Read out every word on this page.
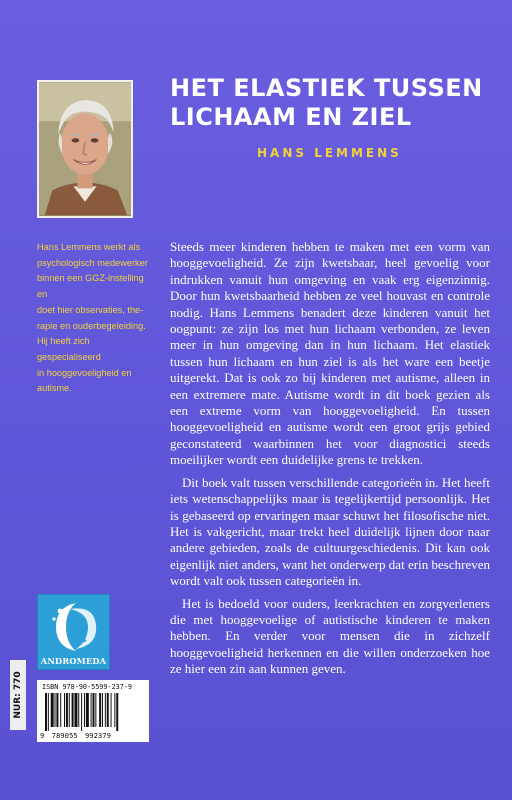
HET ELASTIEK TUSSEN
LICHAAM EN ZIEL
HANS LEMMENS

Hans Lemmens werkt als

psychologisch medewerker

binnen een GGZ-instelling en

doet hier observaties, the-

rapie en ouderbegeleiding.

Hij heeft zich gespecialiseerd

in hooggevoeligheid en

autisme.

Steeds meer kinderen hebben te maken met een vorm van hooggevoeligheid. Ze zijn kwetsbaar, heel gevoelig voor indrukken vanuit hun omgeving en vaak erg eigenzinnig. Door hun kwetsbaarheid hebben ze veel houvast en controle nodig. Hans Lemmens benadert deze kinderen vanuit het oogpunt: ze zijn los met hun lichaam verbonden, ze leven meer in hun omgeving dan in hun lichaam. Het elastiek tussen hun lichaam en hun ziel is als het ware een beetje uitgerekt. Dat is ook zo bij kinderen met autisme, alleen in een extremere mate. Autisme wordt in dit boek gezien als een extreme vorm van hooggevoeligheid. En tussen hooggevoeligheid en autisme wordt een groot grijs gebied geconstateerd waarbinnen het voor diagnostici steeds moeilijker wordt een duidelijke grens te trekken.

Dit boek valt tussen verschillende categorieën in. Het heeft iets wetenschappelijks maar is tegelijkertijd persoonlijk. Het is gebaseerd op ervaringen maar schuwt het filosofische niet. Het is vakgericht, maar trekt heel duidelijk lijnen door naar andere gebieden, zoals de cultuurgeschiedenis. Dit kan ook eigenlijk niet anders, want het onderwerp dat erin beschreven wordt valt ook tussen categorieën in.

Het is bedoeld voor ouders, leerkrachten en zorgverleners die met hooggevoelige of autistische kinderen te maken hebben. En verder voor mensen die in zichzelf hooggevoeligheid herkennen en die willen onderzoeken hoe ze hier een zin aan kunnen geven.

ANDROMEDA
NUR: 770	ISBN 978-90-5599-237-9
9 789055 992379
